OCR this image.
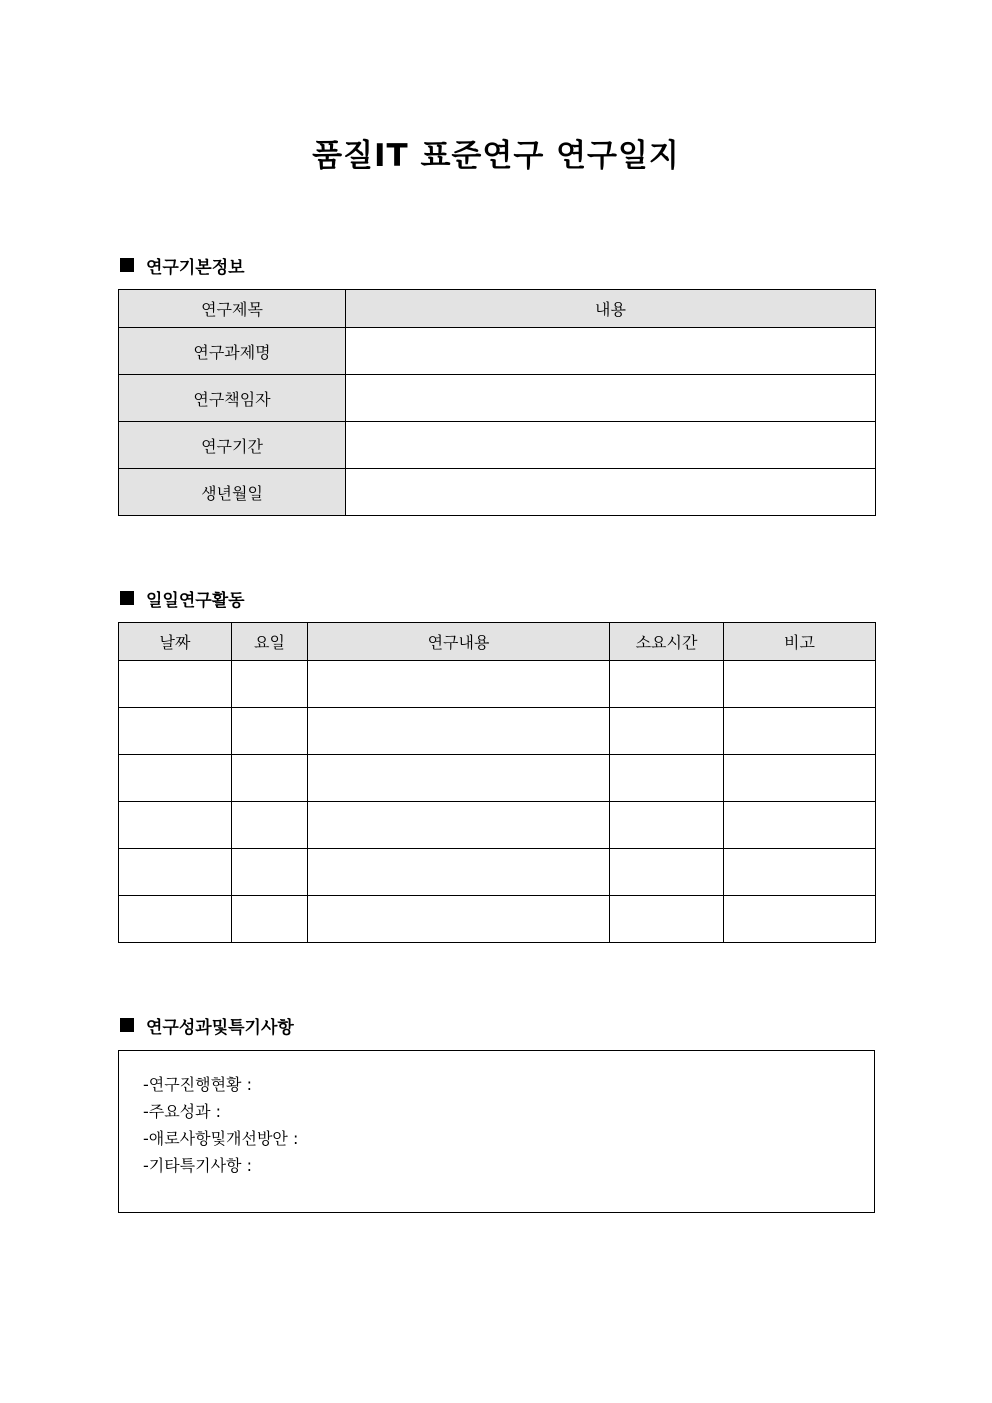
품질IT 표준연구 연구일지
연구기본정보
연구제목	내용
연구과제명	
연구책임자	
연구기간	
생년월일	
일일연구활동
날짜	요일	연구내용	소요시간	비고

연구성과및특기사항
-연구진행현황 :
-주요성과 :
-애로사항및개선방안 :
-기타특기사항 :
